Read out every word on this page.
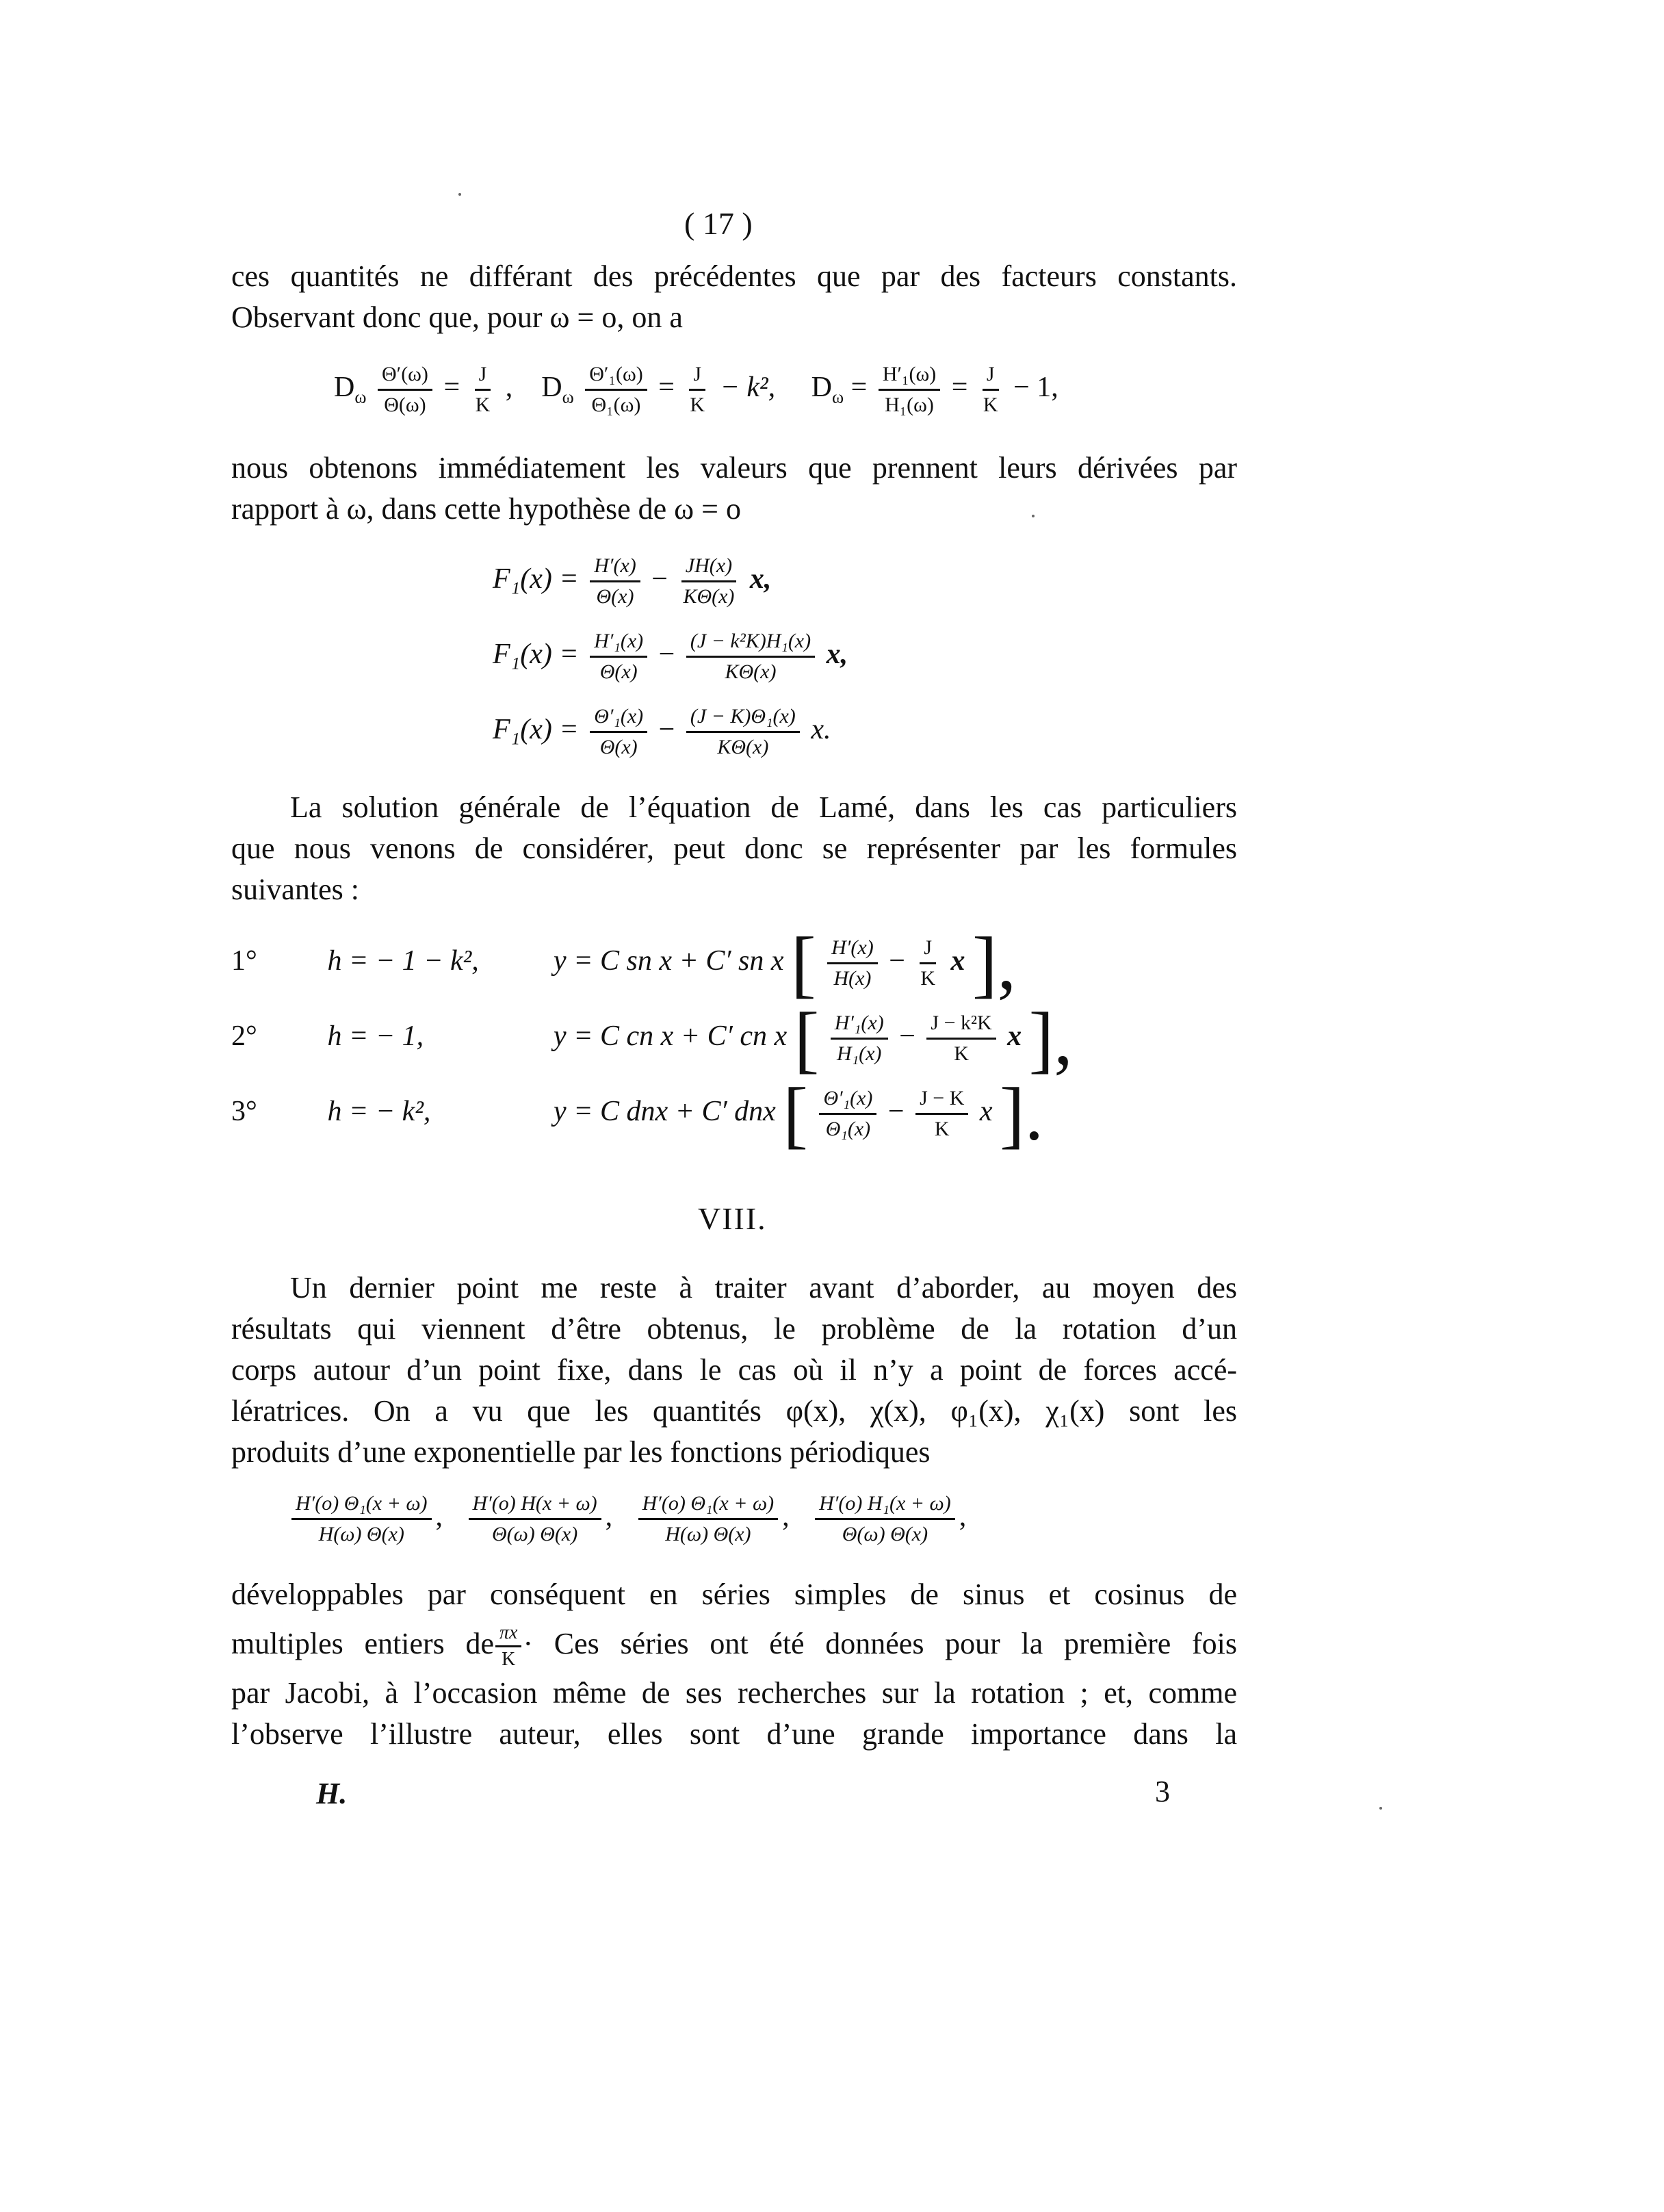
( 17 )
ces quantités ne différant des précédentes que par des facteurs constants.
Observant donc que, pour ω = o, on a
$D_\omega \frac{\Theta'(\omega)}{\Theta(\omega)} = \frac{J}{K}$ , $D_\omega \frac{\text{Θ′₁(ω)}}{\text{Θ₁(ω)}} = \frac{J}{K} - k^2$, $D_\omega = \frac{\text{H′₁(ω)}}{\text{H₁(ω)}} = \frac{J}{K} - 1$,
nous obtenons immédiatement les valeurs que prennent leurs dérivées par
rapport à ω, dans cette hypothèse de ω = o
$F_1(x) = \frac{H'(x)}{\Theta(x)} - \frac{JH(x)}{K\Theta(x)} x$,
$F_1(x) = \frac{\text{H′₁(x)}}{\Theta(x)} - \frac{\text{(J − k²K)H₁(x)}}{K\Theta(x)} x$,
$F_1(x) = \frac{\text{Θ′₁(x)}}{\Theta(x)} - \frac{\text{(J − K)Θ₁(x)}}{K\Theta(x)} x$.
La solution générale de l’équation de Lamé, dans les cas particuliers
que nous venons de considérer, peut donc se représenter par les formules
suivantes :
1° h = − 1 − k²,	y = C sn x + C′ sn x [ $\frac{H'(x)}{H(x)} - \frac{J}{K}$ x ],
2° h = − 1,	y = C cn x + C′ cn x [ $\frac{\text{H′₁(x)}}{\text{H₁(x)}} - \frac{\text{J − k²K}}{K}$ x ],
3° h = − k²,	y = C dnx + C′ dnx [ $\frac{\text{Θ′₁(x)}}{\text{Θ₁(x)}} - \frac{J - K}{K}$ x ].
VIII.
Un dernier point me reste à traiter avant d’aborder, au moyen des
résultats qui viennent d’être obtenus, le problème de la rotation d’un
corps autour d’un point fixe, dans le cas où il n’y a point de forces accé-
lératrices. On a vu que les quantités φ(x), χ(x), φ₁(x), χ₁(x) sont les
produits d’une exponentielle par les fonctions périodiques
$\frac{\text{H′(o) Θ₁(x + ω)}}{H(\omega) \Theta(x)}$ , $\frac{H'(o) H(x + \omega)}{\Theta(\omega) \Theta(x)}$ , $\frac{\text{H′(o) Θ₁(x + ω)}}{H(\omega) \Theta(x)}$ , $\frac{\text{H′(o) H₁(x + ω)}}{\Theta(\omega) \Theta(x)}$ ,
développables par conséquent en séries simples de sinus et cosinus de
multiples entiers de $\frac{\pi x}{K}$ · Ces séries ont été données pour la première fois
par Jacobi, à l’occasion même de ses recherches sur la rotation ; et, comme
l’observe l’illustre auteur, elles sont d’une grande importance dans la
H.	3
